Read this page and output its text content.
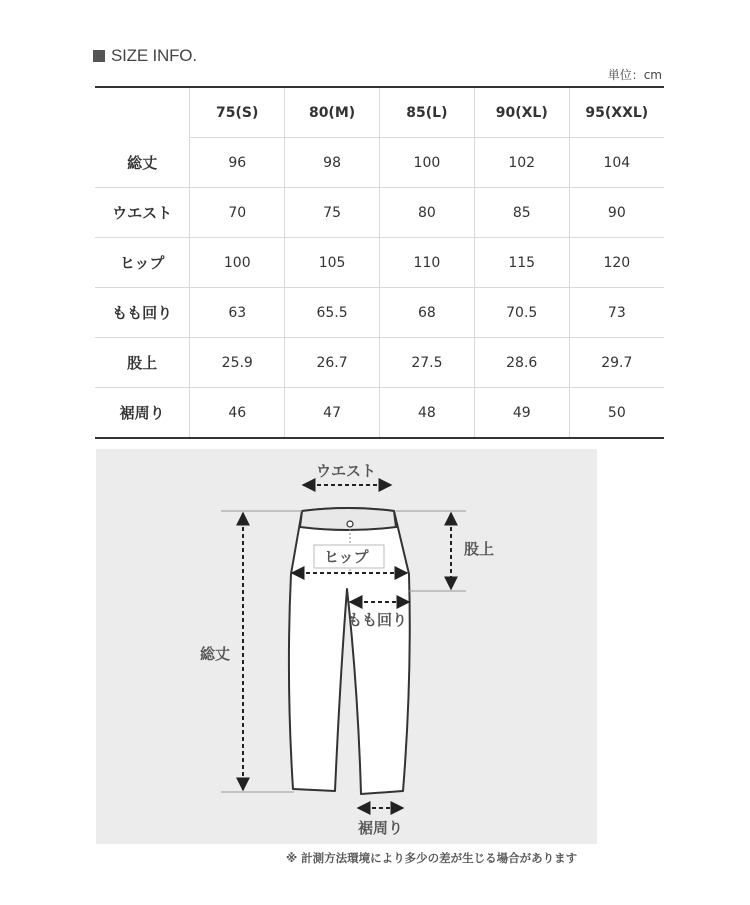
SIZE INFO.
単位：cm
	75(S)	80(M)	85(L)	90(XL)	95(XXL)
総丈	96	98	100	102	104
ウエスト	70	75	80	85	90
ヒップ	100	105	110	115	120
もも回り	63	65.5	68	70.5	73
股上	25.9	26.7	27.5	28.6	29.7
裾周り	46	47	48	49	50
ウエスト
ヒップ	股上
もも回り
総丈
裾周り
※ 計測方法環境により多少の差が生じる場合があります
